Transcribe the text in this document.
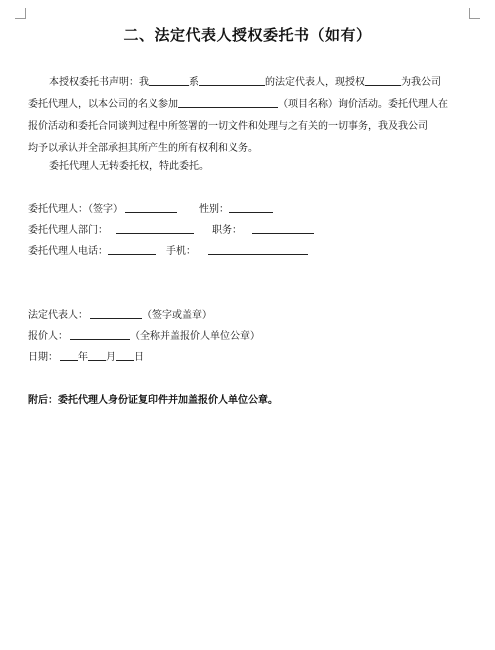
二、法定代表人授权委托书（如有）
本授权委托书声明：我	系	的法定代表人，现授权	为我公司
委托代理人，以本公司的名义参加	（项目名称）询价活动。委托代理人在
报价活动和委托合同谈判过程中所签署的一切文件和处理与之有关的一切事务，我及我公司
均予以承认并全部承担其所产生的所有权利和义务。
委托代理人无转委托权，特此委托。
委托代理人：（签字）	性别：
委托代理人部门：	职务：
委托代理人电话：	手机：
法定代表人：	（签字或盖章）
报价人：	（全称并盖报价人单位公章）
日期： 年 月 日
附后：委托代理人身份证复印件并加盖报价人单位公章。
